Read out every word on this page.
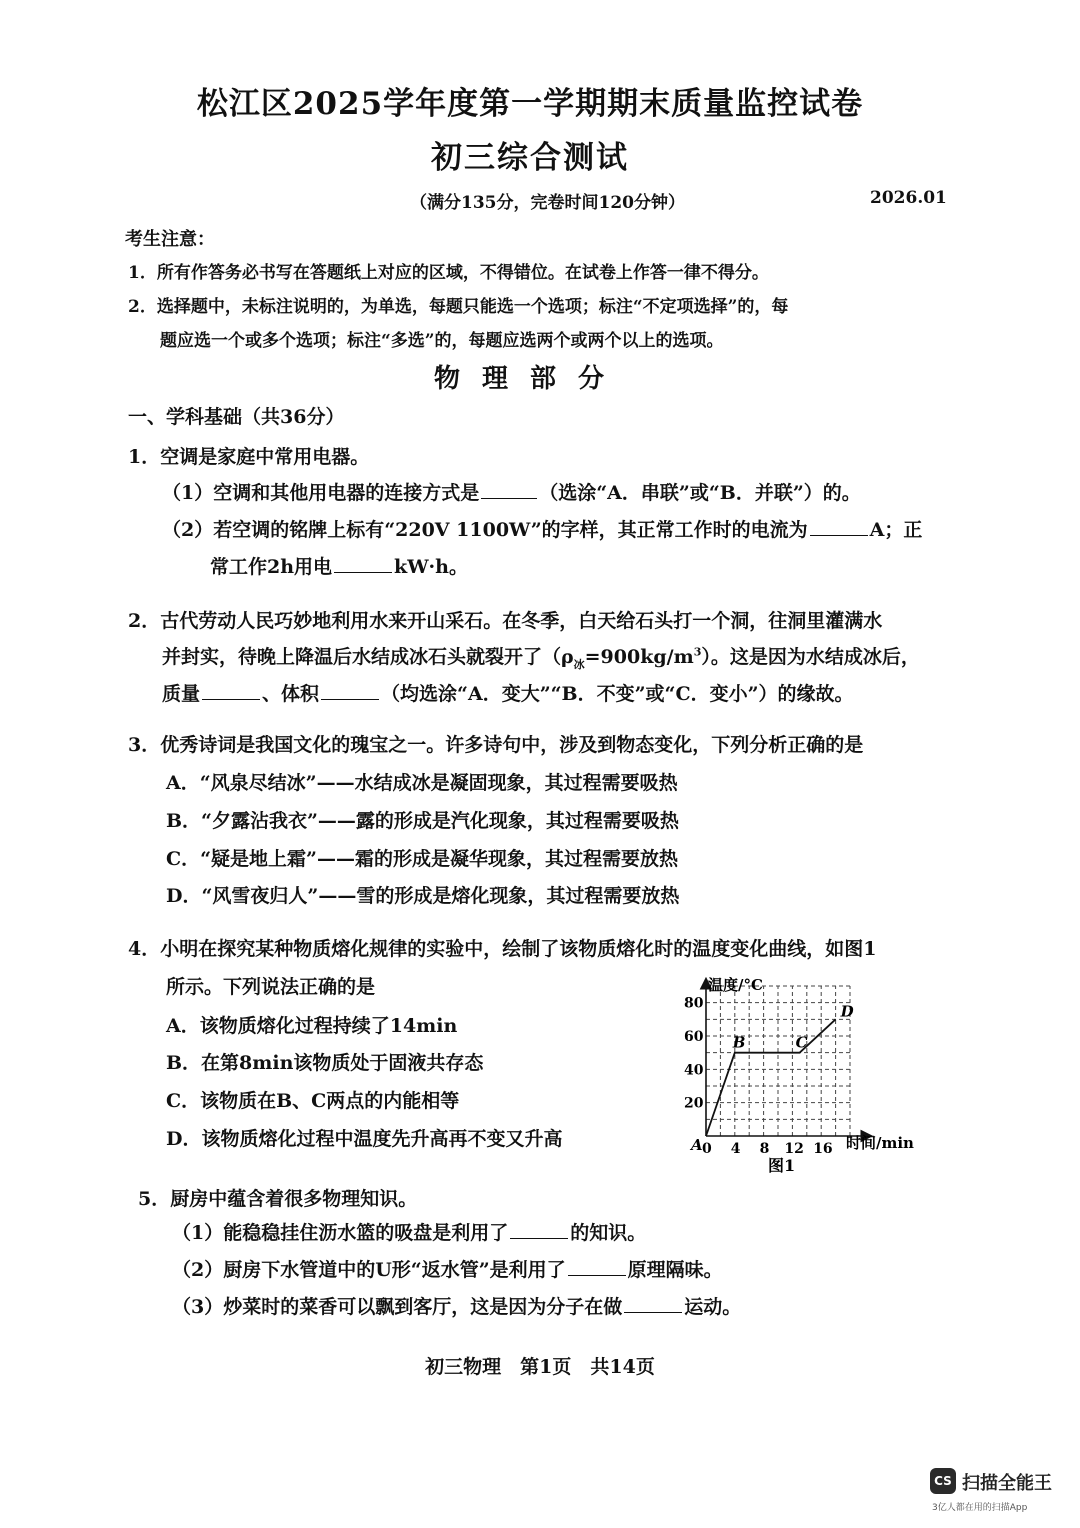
松江区2025学年度第一学期期末质量监控试卷
初三综合测试
（满分135分，完卷时间120分钟）	2026.01
考生注意：
1．所有作答务必书写在答题纸上对应的区域，不得错位。在试卷上作答一律不得分。
2．选择题中，未标注说明的，为单选，每题只能选一个选项；标注“不定项选择”的，每
题应选一个或多个选项；标注“多选”的，每题应选两个或两个以上的选项。
物理部分
一、学科基础（共36分）
1．空调是家庭中常用电器。
（1）空调和其他用电器的连接方式是	（选涂“A．串联”或“B．并联”）的。
（2）若空调的铭牌上标有“220V 1100W”的字样，其正常工作时的电流为	A；正
常工作2h用电	kW·h。
2．古代劳动人民巧妙地利用水来开山采石。在冬季，白天给石头打一个洞，往洞里灌满水
并封实，待晚上降温后水结成冰石头就裂开了$(\rho_冰=900kg/m^3)$。这是因为水结成冰后，
质量	、体积	（均选涂“A．变大”“B．不变”或“C．变小”）的缘故。
3．优秀诗词是我国文化的瑰宝之一。许多诗句中，涉及到物态变化，下列分析正确的是
A．“风泉尽结冰”——水结成冰是凝固现象，其过程需要吸热
B．“夕露沾我衣”——露的形成是汽化现象，其过程需要吸热
C．“疑是地上霜”——霜的形成是凝华现象，其过程需要放热
D．“风雪夜归人”——雪的形成是熔化现象，其过程需要放热
4．小明在探究某种物质熔化规律的实验中，绘制了该物质熔化时的温度变化曲线，如图1
所示。下列说法正确的是
A．该物质熔化过程持续了14min
B．在第8min该物质处于固液共存态
C．该物质在B、C两点的内能相等
D．该物质熔化过程中温度先升高再不变又升高	0 4 8 12 16
20
40
60
80
A
B	C
D
温度/°C
时间/min
图1
5．厨房中蕴含着很多物理知识。
（1）能稳稳挂住沥水篮的吸盘是利用了	的知识。
（2）厨房下水管道中的U形“返水管”是利用了	原理隔味。
（3）炒菜时的菜香可以飘到客厅，这是因为分子在做	运动。
初三物理　第1页　共14页
CS 扫描全能王
3亿人都在用的扫描App
